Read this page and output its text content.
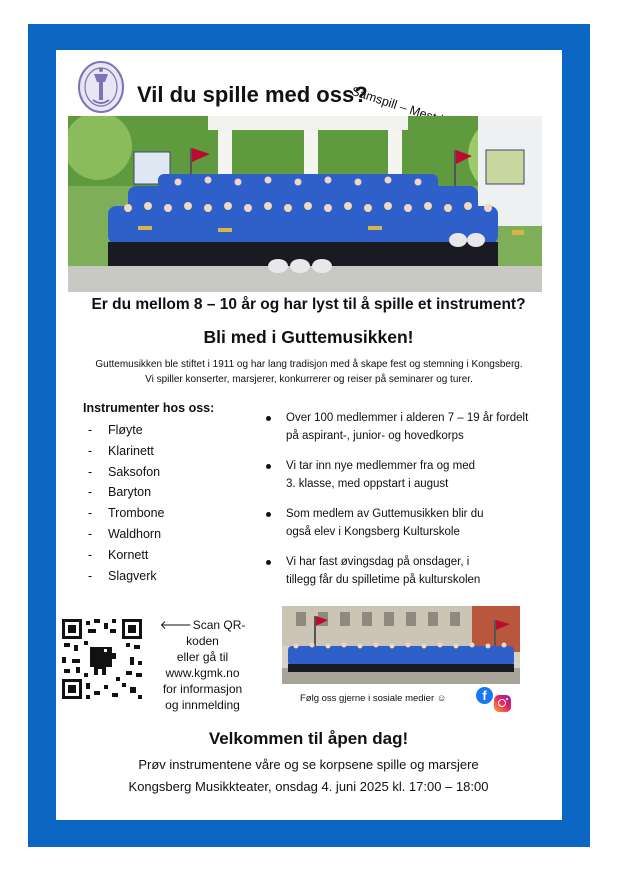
Vil du spille med oss?
Er du mellom 8 – 10 år og har lyst til å spille et instrument?
Bli med i Guttemusikken!
Guttemusikken ble stiftet i 1911 og har lang tradisjon med å skape fest og stemning i Kongsberg.
Vi spiller konserter, marsjerer, konkurrerer og reiser på seminarer og turer.
Instrumenter hos oss:
- Fløyte
- Klarinett
- Saksofon
- Baryton
- Trombone
- Waldhorn
- Kornett
- Slagverk
Over 100 medlemmer i alderen 7 – 19 år fordelt
på aspirant-, junior- og hovedkorps
Vi tar inn nye medlemmer fra og med
3. klasse, med oppstart i august
Som medlem av Guttemusikken blir du
også elev i Kongsberg Kulturskole
Vi har fast øvingsdag på onsdager, i
tillegg får du spilletime på kulturskolen
🡐Scan QR-koden
eller gå til
www.kgmk.no
for informasjon
og innmelding	Følg oss gjerne i sosiale medier ☺	f
Velkommen til åpen dag!
Prøv instrumentene våre og se korpsene spille og marsjere
Kongsberg Musikkteater, onsdag 4. juni 2025 kl. 17:00 – 18:00
